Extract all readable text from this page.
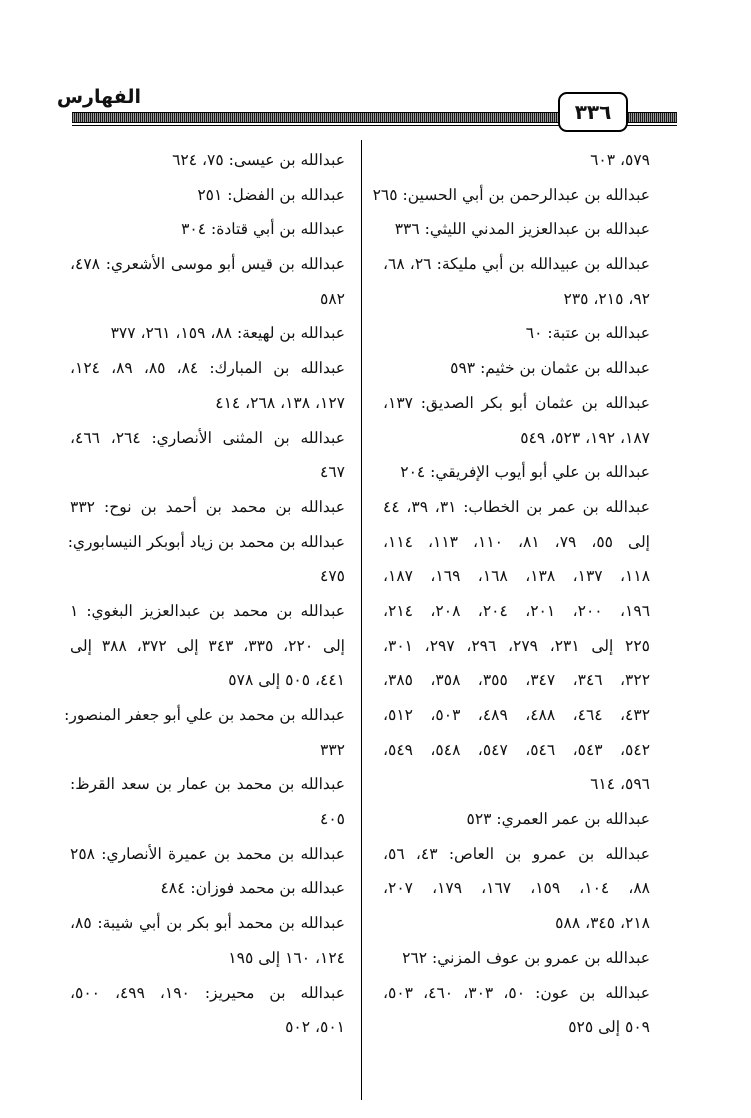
الفهارس
٣٣٦
٥٧٩، ٦٠٣
عبدالله بن عبدالرحمن بن أبي الحسين: ٢٦٥
عبدالله بن عبدالعزيز المدني الليثي: ٣٣٦
عبدالله بن عبيدالله بن أبي مليكة: ٢٦، ٦٨،
٩٢، ٢١٥، ٢٣٥
عبدالله بن عتبة: ٦٠
عبدالله بن عثمان بن خثيم: ٥٩٣
عبدالله بن عثمان أبو بكر الصديق: ١٣٧،
١٨٧، ١٩٢، ٥٢٣، ٥٤٩
عبدالله بن علي أبو أيوب الإفريقي: ٢٠٤
عبدالله بن عمر بن الخطاب: ٣١، ٣٩، ٤٤
إلى ٥٥، ٧٩، ٨١، ١١٠، ١١٣، ١١٤،
١١٨، ١٣٧، ١٣٨، ١٦٨، ١٦٩، ١٨٧،
١٩٦، ٢٠٠، ٢٠١، ٢٠٤، ٢٠٨، ٢١٤،
٢٢٥ إلى ٢٣١، ٢٧٩، ٢٩٦، ٢٩٧، ٣٠١،
٣٢٢، ٣٤٦، ٣٤٧، ٣٥٥، ٣٥٨، ٣٨٥،
٤٣٢، ٤٦٤، ٤٨٨، ٤٨٩، ٥٠٣، ٥١٢،
٥٤٢، ٥٤٣، ٥٤٦، ٥٤٧، ٥٤٨، ٥٤٩،
٥٩٦، ٦١٤
عبدالله بن عمر العمري: ٥٢٣
عبدالله بن عمرو بن العاص: ٤٣، ٥٦،
٨٨، ١٠٤، ١٥٩، ١٦٧، ١٧٩، ٢٠٧،
٢١٨، ٣٤٥، ٥٨٨
عبدالله بن عمرو بن عوف المزني: ٢٦٢
عبدالله بن عون: ٥٠، ٣٠٣، ٤٦٠، ٥٠٣،
٥٠٩ إلى ٥٢٥
عبدالله بن عيسى: ٧٥، ٦٢٤
عبدالله بن الفضل: ٢٥١
عبدالله بن أبي قتادة: ٣٠٤
عبدالله بن قيس أبو موسى الأشعري: ٤٧٨،
٥٨٢
عبدالله بن لهيعة: ٨٨، ١٥٩، ٢٦١، ٣٧٧
عبدالله بن المبارك: ٨٤، ٨٥، ٨٩، ١٢٤،
١٢٧، ١٣٨، ٢٦٨، ٤١٤
عبدالله بن المثنى الأنصاري: ٢٦٤، ٤٦٦،
٤٦٧
عبدالله بن محمد بن أحمد بن نوح: ٣٣٢
عبدالله بن محمد بن زياد أبوبكر النيسابوري:
٤٧٥
عبدالله بن محمد بن عبدالعزيز البغوي: ١
إلى ٢٢٠، ٣٣٥، ٣٤٣ إلى ٣٧٢، ٣٨٨ إلى
٤٤١، ٥٠٥ إلى ٥٧٨
عبدالله بن محمد بن علي أبو جعفر المنصور:
٣٣٢
عبدالله بن محمد بن عمار بن سعد القرظ:
٤٠٥
عبدالله بن محمد بن عميرة الأنصاري: ٢٥٨
عبدالله بن محمد فوزان: ٤٨٤
عبدالله بن محمد أبو بكر بن أبي شيبة: ٨٥،
١٢٤، ١٦٠ إلى ١٩٥
عبدالله بن محيريز: ١٩٠، ٤٩٩، ٥٠٠،
٥٠١، ٥٠٢
